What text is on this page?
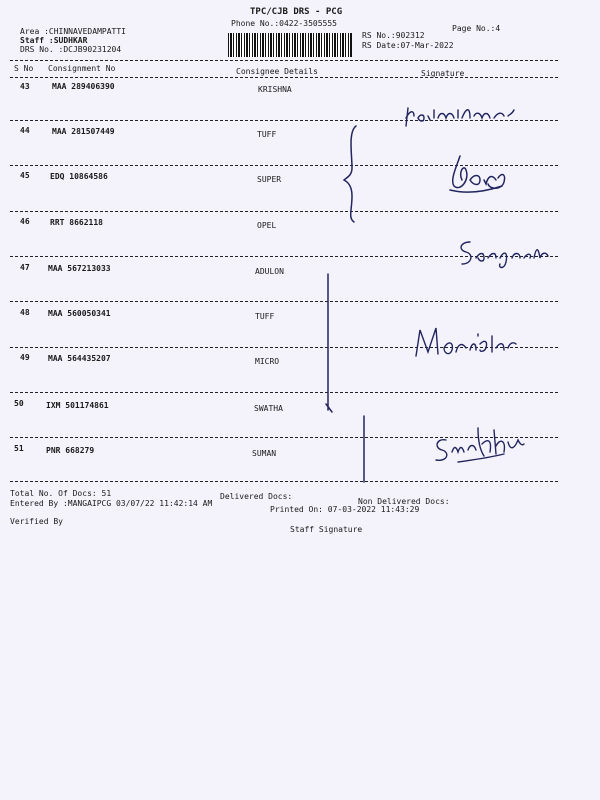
TPC/CJB DRS - PCG
Phone No.:0422-3505555
Area :CHINNAVEDAMPATTI
Staff :SUDHKAR
DRS No. :DCJB90231204
RS No.:902312
RS Date:07-Mar-2022
Page No.:4
S No Consignment No	Consignee Details	Signature
43	MAA 289406390	KRISHNA
44	MAA 281507449	TUFF
45	EDQ 10864586	SUPER
46	RRT 8662118	OPEL
47 MAA 567213033	ADULON
48 MAA 560050341	TUFF
49 MAA 564435207	MICRO
50	IXM 501174861	SWATHA
51	PNR 668279	SUMAN
Total No. Of Docs: 51	Delivered Docs:
Non Delivered Docs:
Entered By :MANGAIPCG 03/07/22 11:42:14 AM
Printed On: 07-03-2022 11:43:29
Verified By
Staff Signature
